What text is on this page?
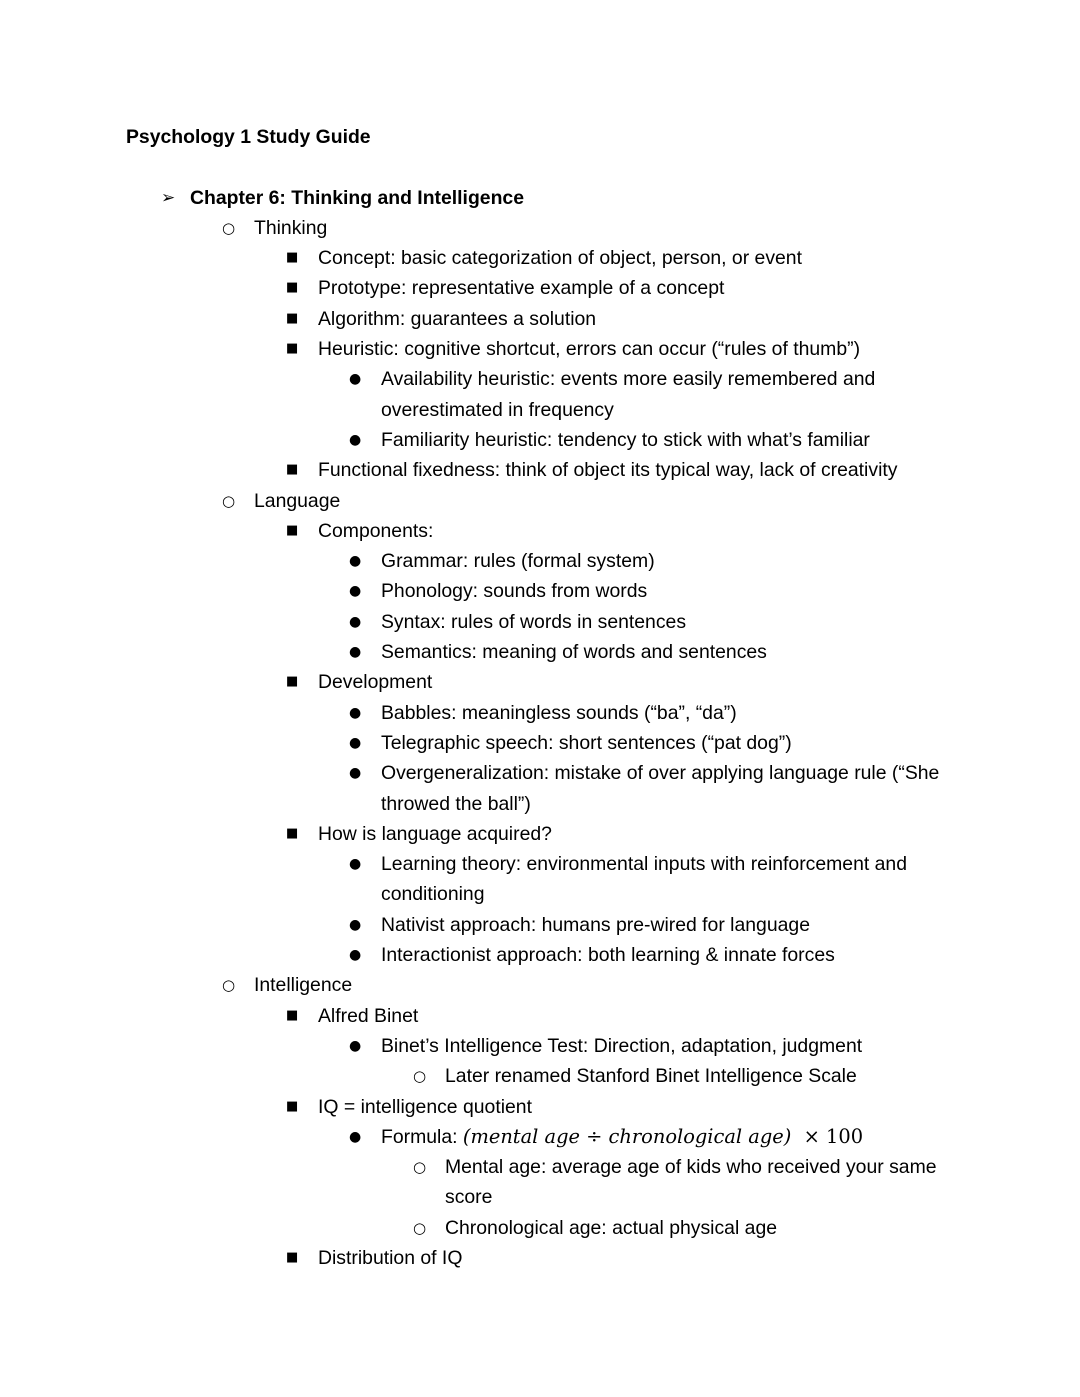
Psychology 1 Study Guide
➢ Chapter 6: Thinking and Intelligence
○ Thinking
■ Concept: basic categorization of object, person, or event
■ Prototype: representative example of a concept
■ Algorithm: guarantees a solution
■ Heuristic: cognitive shortcut, errors can occur (“rules of thumb”)
● Availability heuristic: events more easily remembered and overestimated in frequency
● Familiarity heuristic: tendency to stick with what’s familiar
■ Functional fixedness: think of object its typical way, lack of creativity
○ Language
■ Components:
● Grammar: rules (formal system)
● Phonology: sounds from words
● Syntax: rules of words in sentences
● Semantics: meaning of words and sentences
■ Development
● Babbles: meaningless sounds (“ba”, “da”)
● Telegraphic speech: short sentences (“pat dog”)
● Overgeneralization: mistake of over applying language rule (“She throwed the ball”)
■ How is language acquired?
● Learning theory: environmental inputs with reinforcement and conditioning
● Nativist approach: humans pre-wired for language
● Interactionist approach: both learning & innate forces
○ Intelligence
■ Alfred Binet
● Binet’s Intelligence Test: Direction, adaptation, judgment
○ Later renamed Stanford Binet Intelligence Scale
■ IQ = intelligence quotient
● Formula: (mental age ÷ chronological age)  × 100
○ Mental age: average age of kids who received your same score
○ Chronological age: actual physical age
■ Distribution of IQ
